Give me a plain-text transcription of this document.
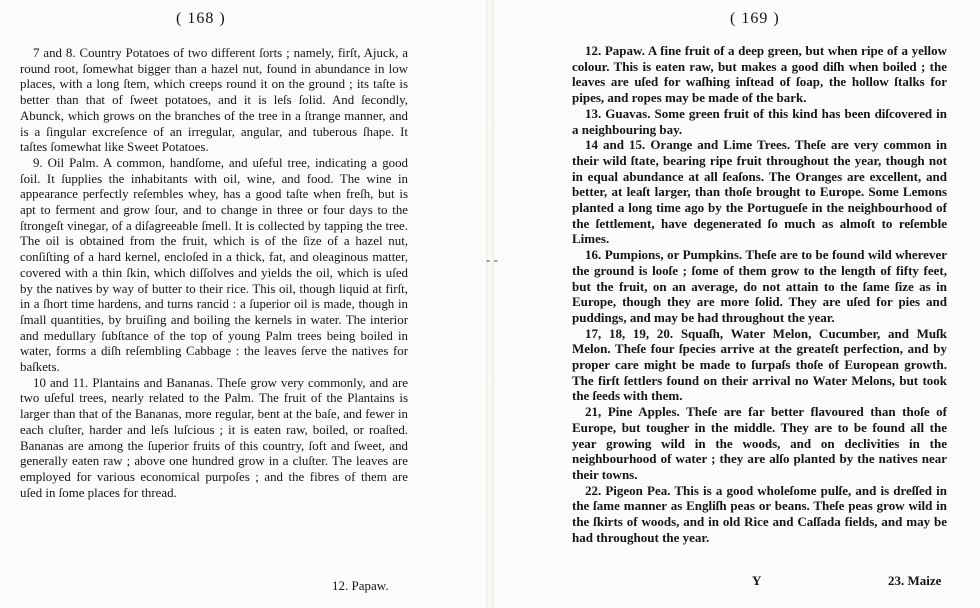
( 168 )

7 and 8. Country Potatoes of two different ſorts ; namely, firſt, Ajuck, a round root, ſomewhat bigger than a hazel nut, found in abundance in low places, with a long ſtem, which creeps round it on the ground ; its taſte is better than that of ſweet potatoes, and it is leſs ſolid. And ſecondly, Abunck, which grows on the branches of the tree in a ſtrange manner, and is a ſingular excreſence of an irregular, angular, and tuberous ſhape. It taſtes ſomewhat like Sweet Potatoes.

9. Oil Palm. A common, handſome, and uſeful tree, indicating a good ſoil. It ſupplies the inhabitants with oil, wine, and food. The wine in appearance perfectly reſembles whey, has a good taſte when freſh, but is apt to ferment and grow ſour, and to change in three or four days to the ſtrongeſt vinegar, of a diſagreeable ſmell. It is collected by tapping the tree. The oil is obtained from the fruit, which is of the ſize of a hazel nut, conſiſting of a hard kernel, encloſed in a thick, fat, and oleaginous matter, covered with a thin ſkin, which diſſolves and yields the oil, which is uſed by the natives by way of butter to their rice. This oil, though liquid at firſt, in a ſhort time hardens, and turns rancid : a ſuperior oil is made, though in ſmall quantities, by bruiſing and boiling the kernels in water. The interior and medullary ſubſtance of the top of young Palm trees being boiled in water, forms a diſh reſembling Cabbage : the leaves ſerve the natives for baſkets.

10 and 11. Plantains and Bananas. Theſe grow very commonly, and are two uſeful trees, nearly related to the Palm. The fruit of the Plantains is larger than that of the Bananas, more regular, bent at the baſe, and fewer in each cluſter, harder and leſs luſcious ; it is eaten raw, boiled, or roaſted. Bananas are among the ſuperior fruits of this country, ſoft and ſweet, and generally eaten raw ; above one hundred grow in a cluſter. The leaves are employed for various economical purpoſes ; and the fibres of them are uſed in ſome places for thread.

12. Papaw.
- -
( 169 )

12. Papaw. A fine fruit of a deep green, but when ripe of a yellow colour. This is eaten raw, but makes a good diſh when boiled ; the leaves are uſed for waſhing inſtead of ſoap, the hollow ſtalks for pipes, and ropes may be made of the bark.

13. Guavas. Some green fruit of this kind has been diſcovered in a neighbouring bay.

14 and 15. Orange and Lime Trees. Theſe are very common in their wild ſtate, bearing ripe fruit throughout the year, though not in equal abundance at all ſeaſons. The Oranges are excellent, and better, at leaſt larger, than thoſe brought to Europe. Some Lemons planted a long time ago by the Portugueſe in the neighbourhood of the ſettlement, have degenerated ſo much as almoſt to reſemble Limes.

16. Pumpions, or Pumpkins. Theſe are to be found wild wherever the ground is looſe ; ſome of them grow to the length of fifty feet, but the fruit, on an average, do not attain to the ſame ſize as in Europe, though they are more ſolid. They are uſed for pies and puddings, and may be had throughout the year.

17, 18, 19, 20. Squaſh, Water Melon, Cucumber, and Muſk Melon. Theſe four ſpecies arrive at the greateſt perfection, and by proper care might be made to ſurpaſs thoſe of European growth. The firſt ſettlers found on their arrival no Water Melons, but took the ſeeds with them.

21, Pine Apples. Theſe are far better flavoured than thoſe of Europe, but tougher in the middle. They are to be found all the year growing wild in the woods, and on declivities in the neighbourhood of water ; they are alſo planted by the natives near their towns.

22. Pigeon Pea. This is a good wholeſome pulſe, and is dreſſed in the ſame manner as Engliſh peas or beans. Theſe peas grow wild in the ſkirts of woods, and in old Rice and Caſſada fields, and may be had throughout the year.

Y	23. Maize
